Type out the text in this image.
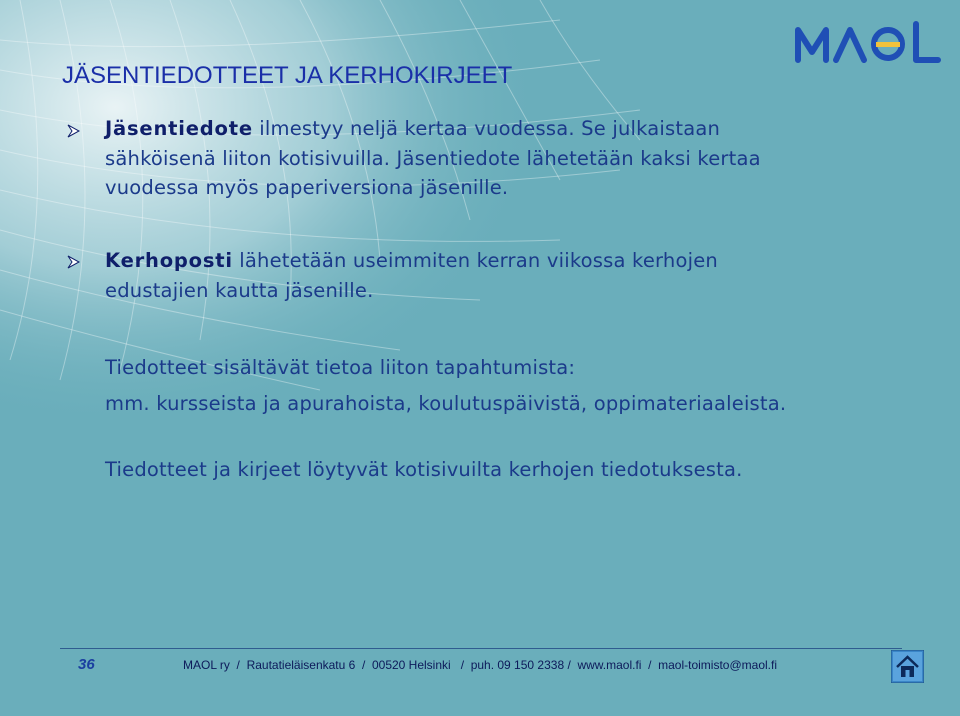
JÄSENTIEDOTTEET JA KERHOKIRJEET
Jäsentiedote ilmestyy neljä kertaa vuodessa. Se julkaistaan
sähköisenä liiton kotisivuilla. Jäsentiedote lähetetään kaksi kertaa
vuodessa myös paperiversiona jäsenille.
Kerhoposti lähetetään useimmiten kerran viikossa kerhojen
edustajien kautta jäsenille.
Tiedotteet sisältävät tietoa liiton tapahtumista:
mm. kursseista ja apurahoista, koulutuspäivistä, oppimateriaaleista.
Tiedotteet ja kirjeet löytyvät kotisivuilta kerhojen tiedotuksesta.
36	MAOL ry  /  Rautatieläisenkatu 6  /  00520 Helsinki   /  puh. 09 150 2338 /  www.maol.fi  /  maol-toimisto@maol.fi
